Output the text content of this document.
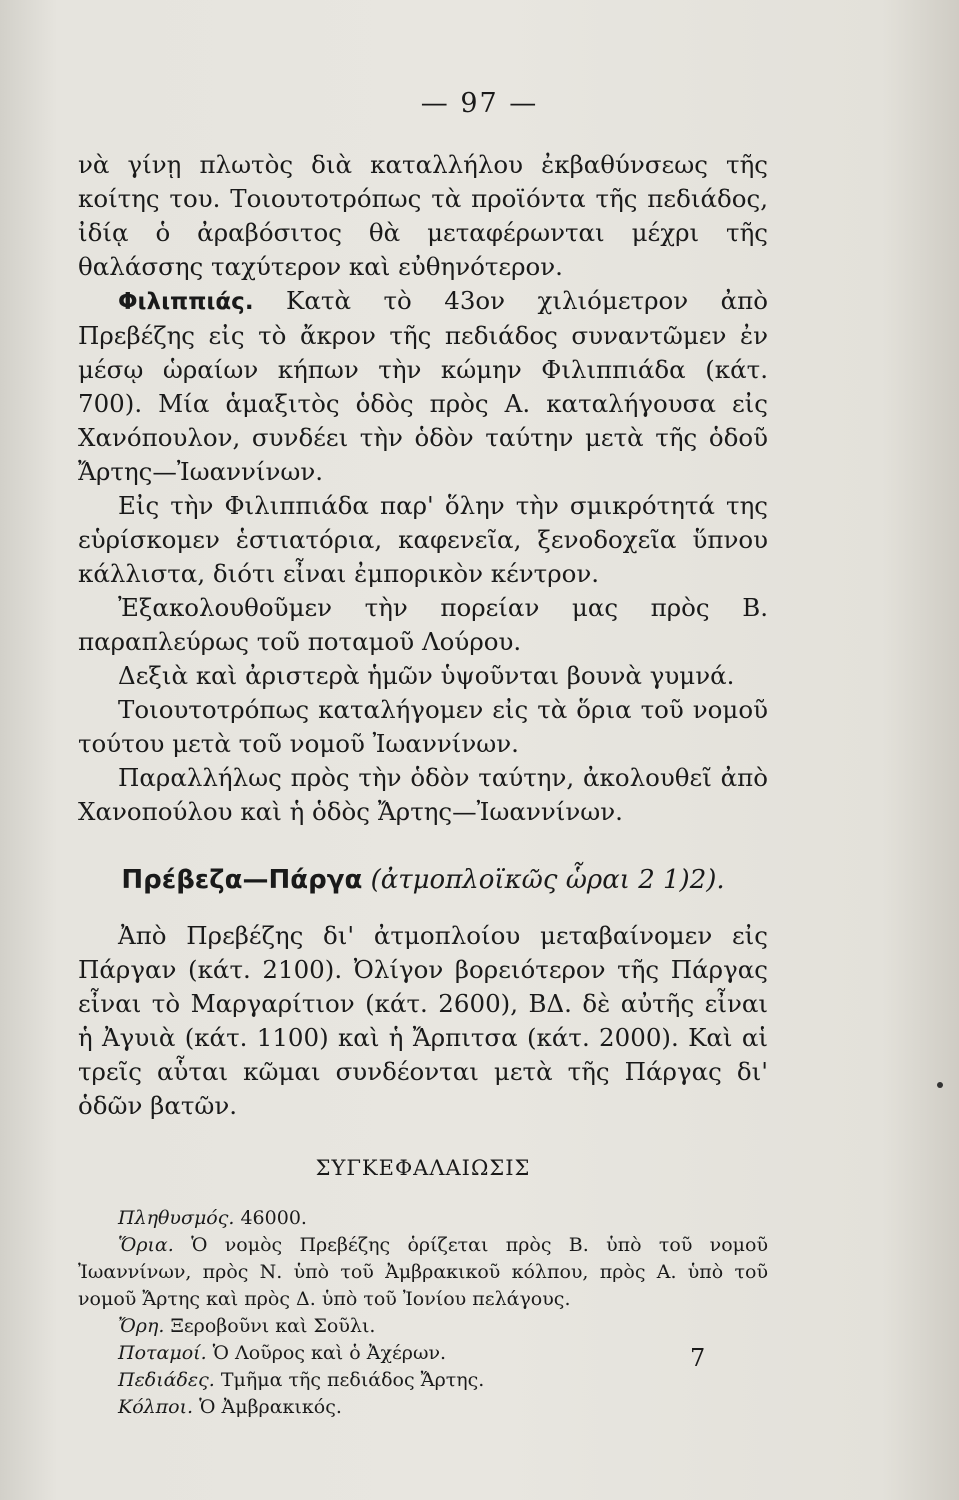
— 97 —

νὰ γίνῃ πλωτὸς διὰ καταλλήλου ἐκβαθύνσεως τῆς κοίτης του. Τοιουτοτρόπως τὰ προϊόντα τῆς πεδιάδος, ἰδίᾳ ὁ ἀραβόσιτος θὰ μεταφέρωνται μέχρι τῆς θαλάσσης ταχύτερον καὶ εὐθηνότερον.

Φιλιππιάς. Κατὰ τὸ 43ον χιλιόμετρον ἀπὸ Πρεβέζης εἰς τὸ ἄκρον τῆς πεδιάδος συναντῶμεν ἐν μέσῳ ὡραίων κήπων τὴν κώμην Φιλιππιάδα (κάτ. 700). Μία ἁμαξιτὸς ὁδὸς πρὸς Α. καταλήγουσα εἰς Χανόπουλον, συνδέει τὴν ὁδὸν ταύτην μετὰ τῆς ὁδοῦ Ἄρτης—Ἰωαννίνων.

Εἰς τὴν Φιλιππιάδα παρ' ὅλην τὴν σμικρότητά της εὑρίσκομεν ἑστιατόρια, καφενεῖα, ξενοδοχεῖα ὕπνου κάλλιστα, διότι εἶναι ἐμπορικὸν κέντρον.

Ἐξακολουθοῦμεν τὴν πορείαν μας πρὸς Β. παραπλεύρως τοῦ ποταμοῦ Λούρου.

Δεξιὰ καὶ ἀριστερὰ ἡμῶν ὑψοῦνται βουνὰ γυμνά.

Τοιουτοτρόπως καταλήγομεν εἰς τὰ ὅρια τοῦ νομοῦ τούτου μετὰ τοῦ νομοῦ Ἰωαννίνων.

Παραλλήλως πρὸς τὴν ὁδὸν ταύτην, ἀκολουθεῖ ἀπὸ Χανοπούλου καὶ ἡ ὁδὸς Ἄρτης—Ἰωαννίνων.

Πρέβεζα—Πάργα (ἀτμοπλοϊκῶς ὧραι 2 1)2).

Ἀπὸ Πρεβέζης δι' ἀτμοπλοίου μεταβαίνομεν εἰς Πάργαν (κάτ. 2100). Ὀλίγον βορειότερον τῆς Πάργας εἶναι τὸ Μαργαρίτιον (κάτ. 2600), ΒΔ. δὲ αὐτῆς εἶναι ἡ Ἀγυιὰ (κάτ. 1100) καὶ ἡ Ἄρπιτσα (κάτ. 2000). Καὶ αἱ τρεῖς αὗται κῶμαι συνδέονται μετὰ τῆς Πάργας δι' ὁδῶν βατῶν.

ΣΥΓΚΕΦΑΛΑΙΩΣΙΣ

Πληθυσμός. 46000.

Ὅρια. Ὁ νομὸς Πρεβέζης ὁρίζεται πρὸς Β. ὑπὸ τοῦ νομοῦ Ἰωαννίνων, πρὸς Ν. ὑπὸ τοῦ Ἀμβρακικοῦ κόλπου, πρὸς Α. ὑπὸ τοῦ νομοῦ Ἄρτης καὶ πρὸς Δ. ὑπὸ τοῦ Ἰονίου πελάγους.

Ὄρη. Ξεροβοῦνι καὶ Σοῦλι.

Ποταμοί. Ὁ Λοῦρος καὶ ὁ Ἀχέρων.

Πεδιάδες. Τμῆμα τῆς πεδιάδος Ἄρτης.

Κόλποι. Ὁ Ἀμβρακικός.

7
